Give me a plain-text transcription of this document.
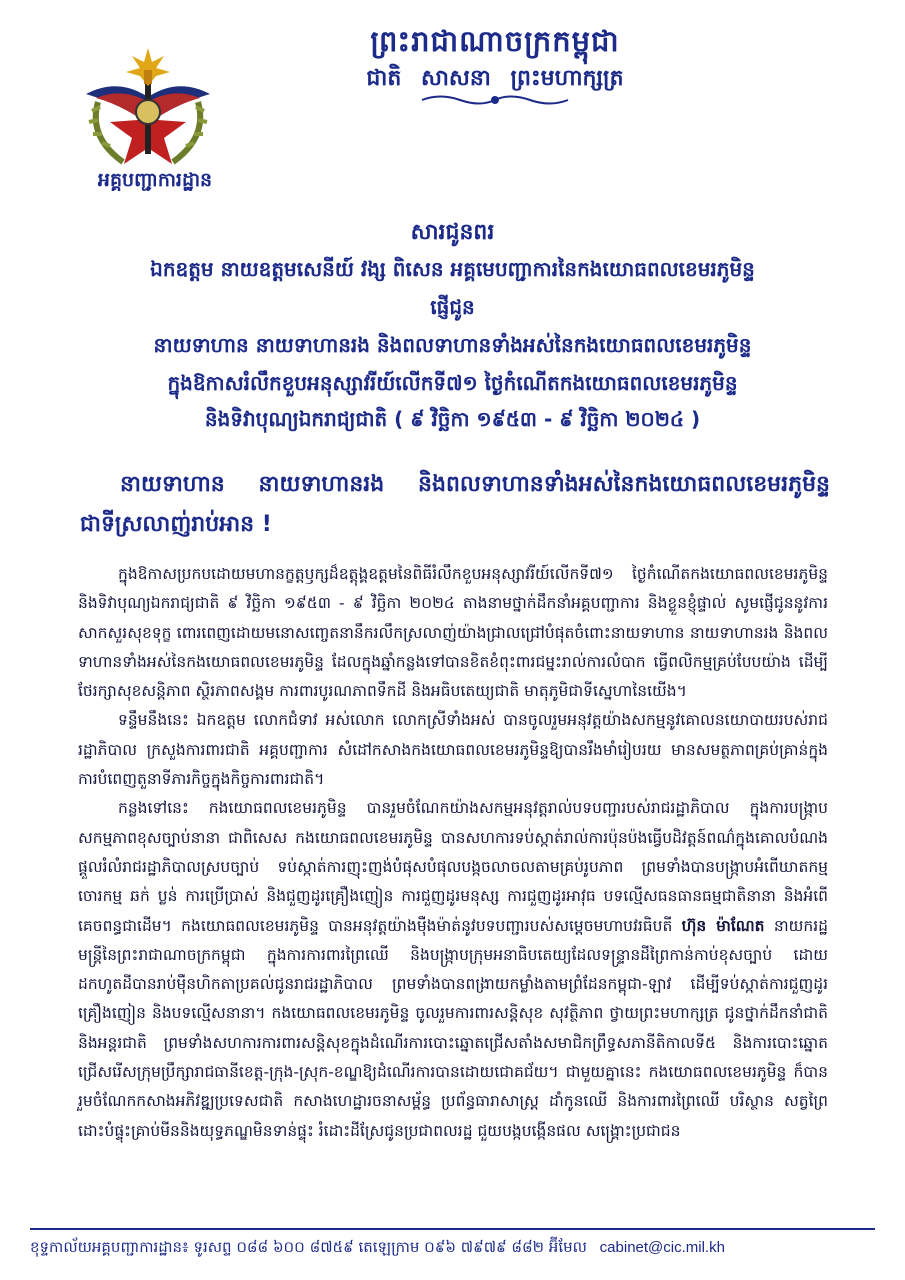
អគ្គបញ្ជាការដ្ឋាន
ព្រះរាជាណាចក្រកម្ពុជា
ជាតិ សាសនា ព្រះមហាក្សត្រ
សារជូនពរ
ឯកឧត្តម នាយឧត្តមសេនីយ៍ វង្ស ពិសេន អគ្គមេបញ្ជាការនៃកងយោធពលខេមរភូមិន្ទ
ផ្ញើជូន
នាយទាហាន នាយទាហានរង និងពលទាហានទាំងអស់នៃកងយោធពលខេមរភូមិន្ទ
ក្នុងឱកាសរំលឹកខួបអនុស្សាវរីយ៍លើកទី៧១ ថ្ងៃកំណើតកងយោធពលខេមរភូមិន្ទ
និងទិវាបុណ្យឯករាជ្យជាតិ ( ៩ វិច្ឆិកា ១៩៥៣ - ៩ វិច្ឆិកា ២០២៤ )
នាយទាហាន នាយទាហានរង និងពលទាហានទាំងអស់នៃកងយោធពលខេមរភូមិន្ទ
ជាទីស្រលាញ់រាប់អាន !

ក្នុងឱកាសប្រកបដោយមហានក្ខត្តឫក្សដ៏ឧត្តុង្គឧត្តមនៃពិធីរំលឹកខួបអនុស្សាវរីយ៍លើកទី៧១ ថ្ងៃកំណើតកងយោធពលខេមរភូមិន្ទ និងទិវាបុណ្យឯករាជ្យជាតិ ៩ វិច្ឆិកា ១៩៥៣ - ៩ វិច្ឆិកា ២០២៤ តាងនាមថ្នាក់ដឹកនាំអគ្គបញ្ជាការ និងខ្លួនខ្ញុំផ្ទាល់ សូមផ្ញើជូននូវការសាកសួរសុខទុក្ខ ពោរពេញដោយមនោសញ្ចេតនានឹករលឹកស្រលាញ់យ៉ាងជ្រាលជ្រៅបំផុតចំពោះនាយទាហាន នាយទាហានរង និងពលទាហានទាំងអស់នៃកងយោធពលខេមរភូមិន្ទ ដែលក្នុងឆ្នាំកន្លងទៅបានខិតខំពុះពារជម្នះរាល់ការលំបាក ធ្វើពលិកម្មគ្រប់បែបយ៉ាង ដើម្បីថែរក្សាសុខសន្តិភាព ស្ថិរភាពសង្គម ការពារបូរណភាពទឹកដី និងអធិបតេយ្យជាតិ មាតុភូមិជាទីស្នេហានៃយើង។

ទន្ទឹមនឹងនេះ ឯកឧត្តម លោកជំទាវ អស់លោក លោកស្រីទាំងអស់ បានចូលរួមអនុវត្តយ៉ាងសកម្មនូវគោលនយោបាយរបស់រាជរដ្ឋាភិបាល ក្រសួងការពារជាតិ អគ្គបញ្ជាការ សំដៅកសាងកងយោធពលខេមរភូមិន្ទឱ្យបានរឹងមាំរៀបរយ មានសមត្ថភាពគ្រប់គ្រាន់ក្នុងការបំពេញតួនាទីភារកិច្ចក្នុងកិច្ចការពារជាតិ។

កន្លងទៅនេះ កងយោធពលខេមរភូមិន្ទ បានរួមចំណែកយ៉ាងសកម្មអនុវត្តរាល់បទបញ្ជារបស់រាជរដ្ឋាភិបាល ក្នុងការបង្រ្កាបសកម្មភាពខុសច្បាប់នានា ជាពិសេស កងយោធពលខេមរភូមិន្ទ បានសហការទប់ស្កាត់រាល់ការប៉ុនប៉ងធ្វើបដិវត្តន៍ពណ៌ក្នុងគោលបំណងផ្តួលរំលំរាជរដ្ឋាភិបាលស្របច្បាប់ ទប់ស្កាត់ការញុះញង់បំផុសបំផុលបង្កចលាចលតាមគ្រប់រូបភាព ព្រមទាំងបានបង្រ្កាបអំពើឃាតកម្ម ចោរកម្ម ឆក់ ប្លន់ ការប្រើប្រាស់ និងជួញដូរគ្រឿងញៀន ការជួញដូរមនុស្ស ការជួញដូរអាវុធ បទល្មើសធនធានធម្មជាតិនានា និងអំពើគេចពន្ធជាដើម។ កងយោធពលខេមរភូមិន្ទ បានអនុវត្តយ៉ាងម៉ឺងម៉ាត់នូវបទបញ្ជារបស់សម្តេចមហាបវរធិបតី ហ៊ុន ម៉ាណែត នាយករដ្ឋមន្ត្រីនៃព្រះរាជាណាចក្រកម្ពុជា ក្នុងការការពារព្រៃឈើ និងបង្ក្រាបក្រុមអនាធិបតេយ្យដែលទន្ទ្រានដីព្រៃកាន់កាប់ខុសច្បាប់ ដោយដកហូតដីបានរាប់ម៉ឺនហិកតាប្រគល់ជូនរាជរដ្ឋាភិបាល ព្រមទាំងបានពង្រាយកម្លាំងតាមព្រំដែនកម្ពុជា-ឡាវ ដើម្បីទប់ស្កាត់ការជួញដូរគ្រឿងញៀន និងបទល្មើសនានា។ កងយោធពលខេមរភូមិន្ទ ចូលរួមការពារសន្តិសុខ សុវត្ថិភាព ថ្វាយព្រះមហាក្សត្រ ជូនថ្នាក់ដឹកនាំជាតិនិងអន្តរជាតិ ព្រមទាំងសហការការពារសន្តិសុខក្នុងដំណើរការបោះឆ្នោតជ្រើសតាំងសមាជិកព្រឹទ្ធសភានីតិកាលទី៥ និងការបោះឆ្នោតជ្រើសរើសក្រុមប្រឹក្សារាជធានីខេត្ត-ក្រុង-ស្រុក-ខណ្ឌឱ្យដំណើរការបានដោយជោគជ័យ។ ជាមួយគ្នានេះ កងយោធពលខេមរភូមិន្ទ ក៏បានរួមចំណែកកសាងអភិវឌ្ឍប្រទេសជាតិ កសាងហេដ្ឋារចនាសម្ព័ន្ធ ប្រព័ន្ធធារាសាស្រ្ត ដាំកូនឈើ និងការពារព្រៃឈើ បរិស្ថាន សត្វព្រៃ ដោះបំផ្ទុះគ្រាប់មីននិងយុទ្ធភណ្ឌមិនទាន់ផ្ទុះ រំដោះដីស្រែជូនប្រជាពលរដ្ឋ ជួយបង្កបង្កើនផល សង្គ្រោះប្រជាជន

ខុទ្ទកាល័យអគ្គបញ្ជាការដ្ឋាន៖ ទូរសព្ទ ០៨៨ ៦០០ ៨៧៥៩ តេឡេក្រាម ០៩៦ ៧៩៧៩ ៨៨២ អ៊ីមែល cabinet@cic.mil.kh
